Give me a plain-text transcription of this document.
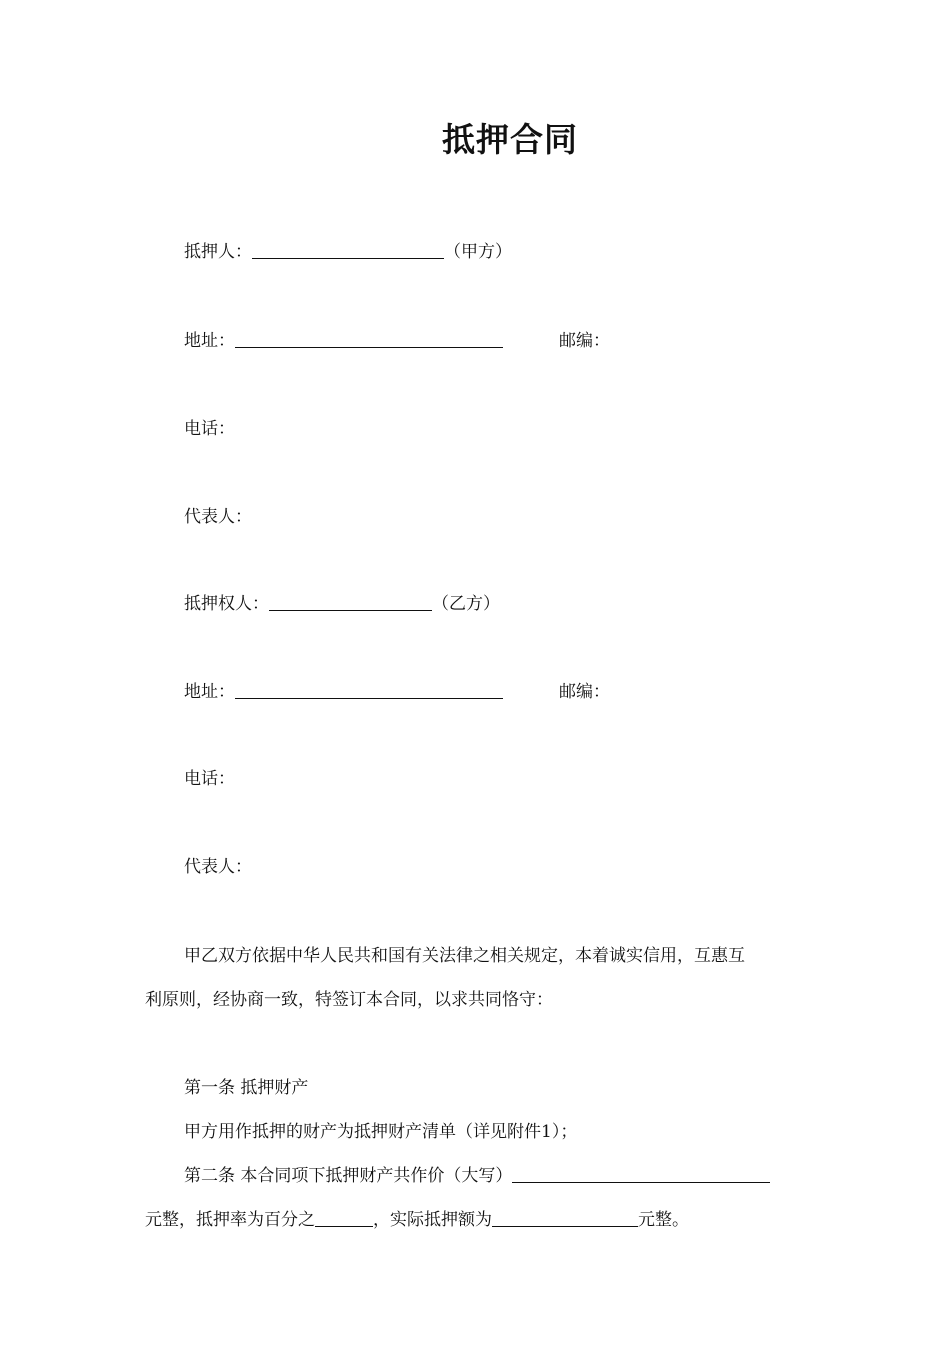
抵押合同
抵押人：	（甲方）
地址：	邮编：
电话：
代表人：
抵押权人：	（乙方）
地址：	邮编：
电话：
代表人：
甲乙双方依据中华人民共和国有关法律之相关规定，本着诚实信用，互惠互
利原则，经协商一致，特签订本合同，以求共同恪守：
第一条 抵押财产
甲方用作抵押的财产为抵押财产清单（详见附件1）；
第二条 本合同项下抵押财产共作价（大写）
元整，抵押率为百分之	，实际抵押额为	元整。
